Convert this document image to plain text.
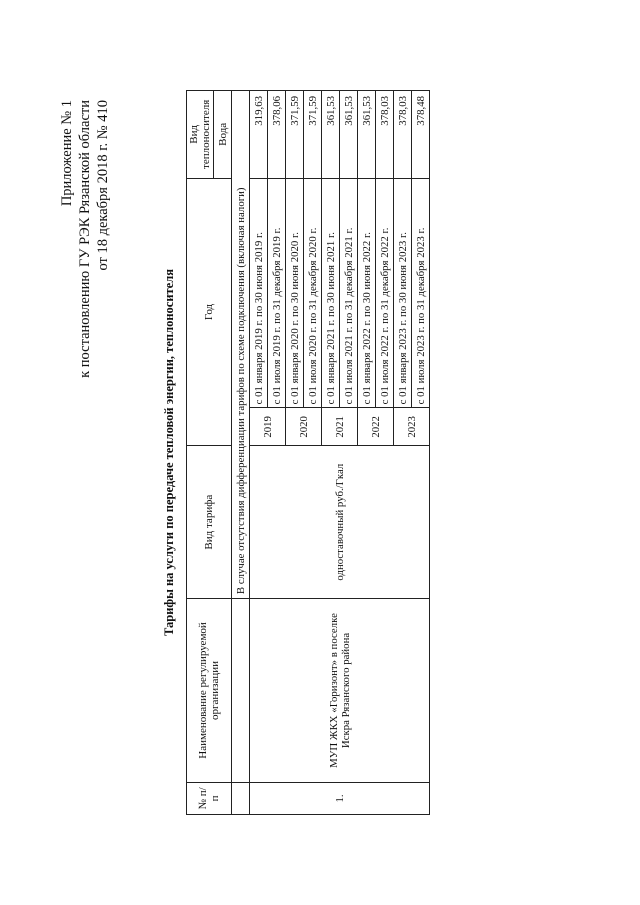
Приложение № 1 к постановлению ГУ РЭК Рязанской области от 18 декабря 2018 г. № 410
Тарифы на услуги по передаче тепловой энергии, теплоносителя
№ п/п	Наименование регулируемой организации	Вид тарифа	Год		Вид теплоносителя
					Вода
		В случае отсутствия дифференциации тарифов по схеме подключения (включая налоги)			
1.	МУП ЖКХ «Горизонт» в поселке Искра Рязанского района	одноставочный руб./Гкал	2019	с 01 января 2019 г. по 30 июня 2019 г.	319,63
				с 01 июля 2019 г. по 31 декабря 2019 г.	378,06
			2020	с 01 января 2020 г. по 30 июня 2020 г.	371,59
				с 01 июля 2020 г. по 31 декабря 2020 г.	371,59
			2021	с 01 января 2021 г. по 30 июня 2021 г.	361,53
				с 01 июля 2021 г. по 31 декабря 2021 г.	361,53
			2022	с 01 января 2022 г. по 30 июня 2022 г.	361,53
				с 01 июля 2022 г. по 31 декабря 2022 г.	378,03
			2023	с 01 января 2023 г. по 30 июня 2023 г.	378,03
				с 01 июля 2023 г. по 31 декабря 2023 г.	378,48
